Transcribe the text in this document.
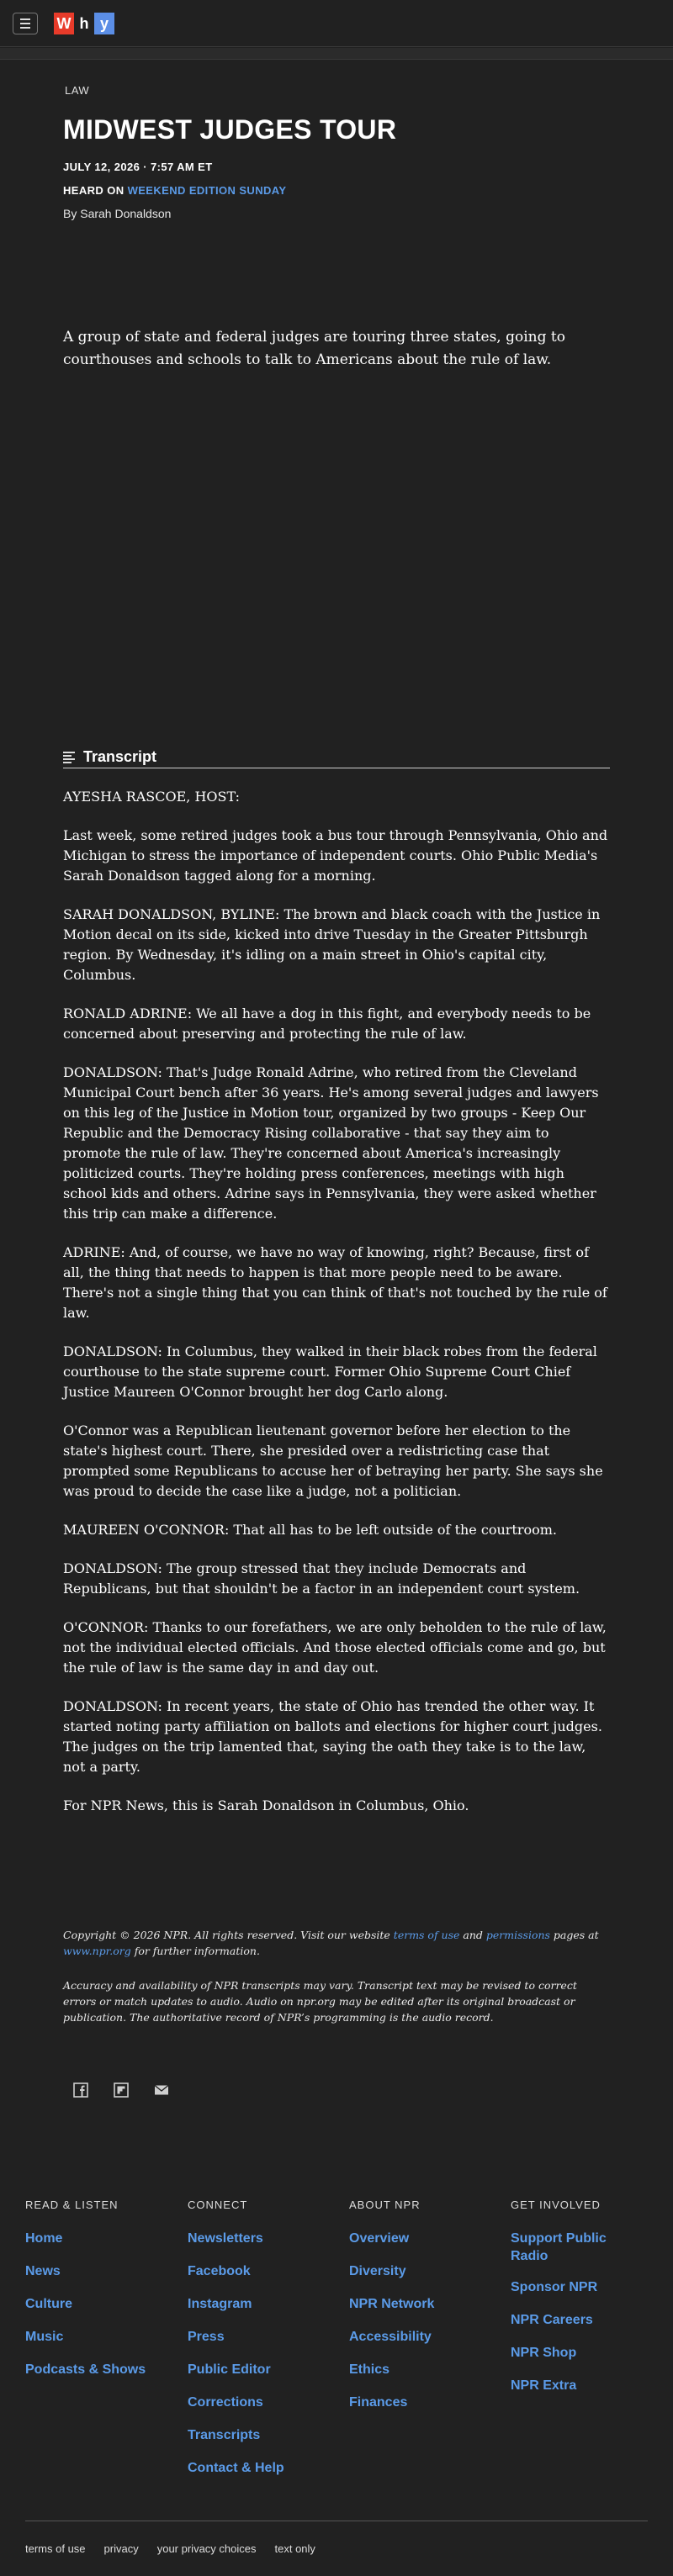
W h y
LAW
MIDWEST JUDGES TOUR
JULY 12, 2026 · 7:57 AM ET
HEARD ON WEEKEND EDITION SUNDAY
By Sarah Donaldson
A group of state and federal judges are touring three states, going to courthouses and schools to talk to Americans about the rule of law.
Transcript

AYESHA RASCOE, HOST:

Last week, some retired judges took a bus tour through Pennsylvania, Ohio and Michigan to stress the importance of independent courts. Ohio Public Media's Sarah Donaldson tagged along for a morning.

SARAH DONALDSON, BYLINE: The brown and black coach with the Justice in Motion decal on its side, kicked into drive Tuesday in the Greater Pittsburgh region. By Wednesday, it's idling on a main street in Ohio's capital city, Columbus.

RONALD ADRINE: We all have a dog in this fight, and everybody needs to be concerned about preserving and protecting the rule of law.

DONALDSON: That's Judge Ronald Adrine, who retired from the Cleveland Municipal Court bench after 36 years. He's among several judges and lawyers on this leg of the Justice in Motion tour, organized by two groups - Keep Our Republic and the Democracy Rising collaborative - that say they aim to promote the rule of law. They're concerned about America's increasingly politicized courts. They're holding press conferences, meetings with high school kids and others. Adrine says in Pennsylvania, they were asked whether this trip can make a difference.

ADRINE: And, of course, we have no way of knowing, right? Because, first of all, the thing that needs to happen is that more people need to be aware. There's not a single thing that you can think of that's not touched by the rule of law.

DONALDSON: In Columbus, they walked in their black robes from the federal courthouse to the state supreme court. Former Ohio Supreme Court Chief Justice Maureen O'Connor brought her dog Carlo along.

O'Connor was a Republican lieutenant governor before her election to the state's highest court. There, she presided over a redistricting case that prompted some Republicans to accuse her of betraying her party. She says she was proud to decide the case like a judge, not a politician.

MAUREEN O'CONNOR: That all has to be left outside of the courtroom.

DONALDSON: The group stressed that they include Democrats and Republicans, but that shouldn't be a factor in an independent court system.

O'CONNOR: Thanks to our forefathers, we are only beholden to the rule of law, not the individual elected officials. And those elected officials come and go, but the rule of law is the same day in and day out.

DONALDSON: In recent years, the state of Ohio has trended the other way. It started noting party affiliation on ballots and elections for higher court judges. The judges on the trip lamented that, saying the oath they take is to the law, not a party.

For NPR News, this is Sarah Donaldson in Columbus, Ohio.

Copyright © 2026 NPR. All rights reserved. Visit our website terms of use and permissions pages at www.npr.org for further information.
Accuracy and availability of NPR transcripts may vary. Transcript text may be revised to correct errors or match updates to audio. Audio on npr.org may be edited after its original broadcast or publication. The authoritative record of NPR’s programming is the audio record.
READ & LISTEN
Home
News
Culture
Music
Podcasts & Shows
CONNECT
Newsletters
Facebook
Instagram
Press
Public Editor
Corrections
Transcripts
Contact & Help
ABOUT NPR
Overview
Diversity
NPR Network
Accessibility
Ethics
Finances
GET INVOLVED
Support Public Radio
Sponsor NPR
NPR Careers
NPR Shop
NPR Extra
terms of use privacy your privacy choices text only
